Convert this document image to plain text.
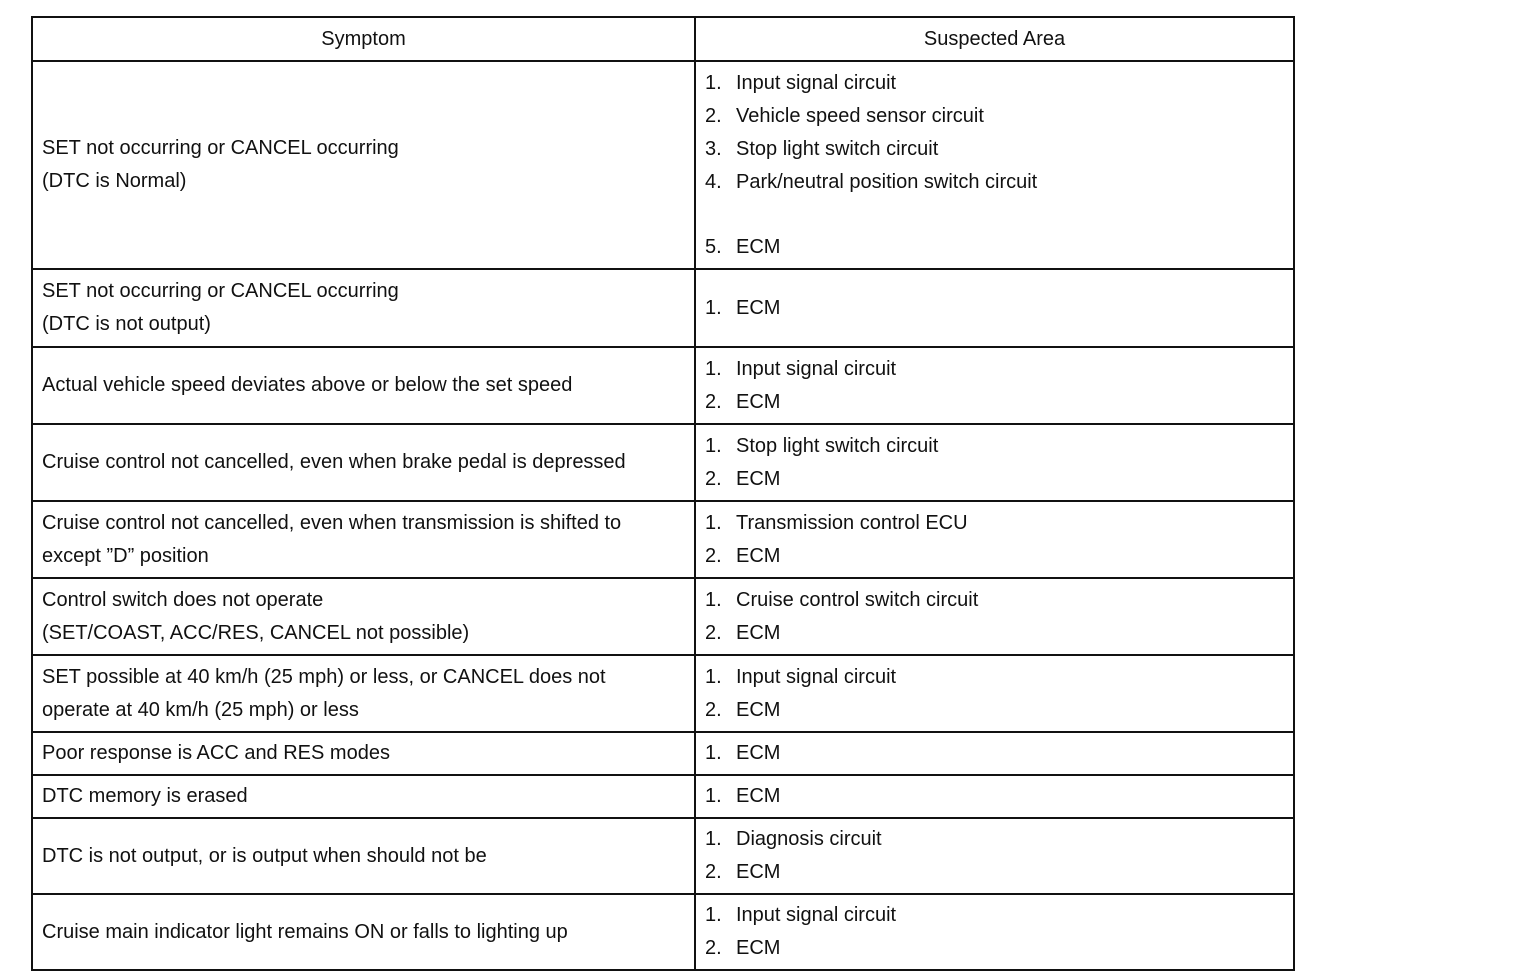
Symptom	Suspected Area

SET not occurring or CANCEL occurring
(DTC is Normal)	1. Input signal circuit
2. Vehicle speed sensor circuit
3. Stop light switch circuit
4. Park/neutral position switch circuit
5. ECM

SET not occurring or CANCEL occurring
(DTC is not output)	1. ECM

Actual vehicle speed deviates above or below the set speed	1. Input signal circuit
2. ECM

Cruise control not cancelled, even when brake pedal is depressed	1. Stop light switch circuit
2. ECM

Cruise control not cancelled, even when transmission is shifted to
except ”D” position	1. Transmission control ECU
2. ECM

Control switch does not operate
(SET/COAST, ACC/RES, CANCEL not possible)	1. Cruise control switch circuit
2. ECM

SET possible at 40 km/h (25 mph) or less, or CANCEL does not
operate at 40 km/h (25 mph) or less	1. Input signal circuit
2. ECM

Poor response is ACC and RES modes	1. ECM

DTC memory is erased	1. ECM

DTC is not output, or is output when should not be	1. Diagnosis circuit
2. ECM

Cruise main indicator light remains ON or falls to lighting up	1. Input signal circuit
2. ECM
